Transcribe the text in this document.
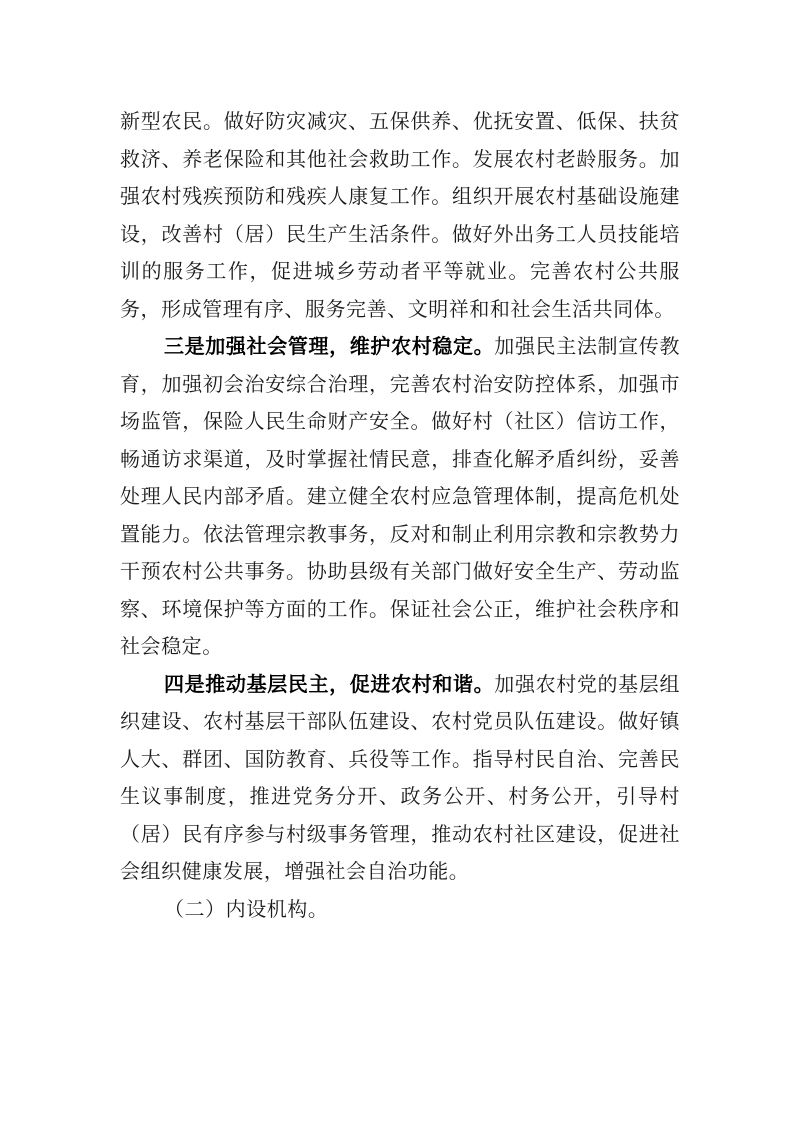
新型农民。做好防灾减灾、五保供养、优抚安置、低保、扶贫救济、养老保险和其他社会救助工作。发展农村老龄服务。加强农村残疾预防和残疾人康复工作。组织开展农村基础设施建设，改善村（居）民生产生活条件。做好外出务工人员技能培训的服务工作，促进城乡劳动者平等就业。完善农村公共服务，形成管理有序、服务完善、文明祥和和社会生活共同体。

三是加强社会管理，维护农村稳定。加强民主法制宣传教育，加强初会治安综合治理，完善农村治安防控体系，加强市场监管，保险人民生命财产安全。做好村（社区）信访工作，畅通访求渠道，及时掌握社情民意，排查化解矛盾纠纷，妥善处理人民内部矛盾。建立健全农村应急管理体制，提高危机处置能力。依法管理宗教事务，反对和制止利用宗教和宗教势力干预农村公共事务。协助县级有关部门做好安全生产、劳动监察、环境保护等方面的工作。保证社会公正，维护社会秩序和社会稳定。

四是推动基层民主，促进农村和谐。加强农村党的基层组织建设、农村基层干部队伍建设、农村党员队伍建设。做好镇人大、群团、国防教育、兵役等工作。指导村民自治、完善民生议事制度，推进党务分开、政务公开、村务公开，引导村（居）民有序参与村级事务管理，推动农村社区建设，促进社会组织健康发展，增强社会自治功能。

（二）内设机构。
